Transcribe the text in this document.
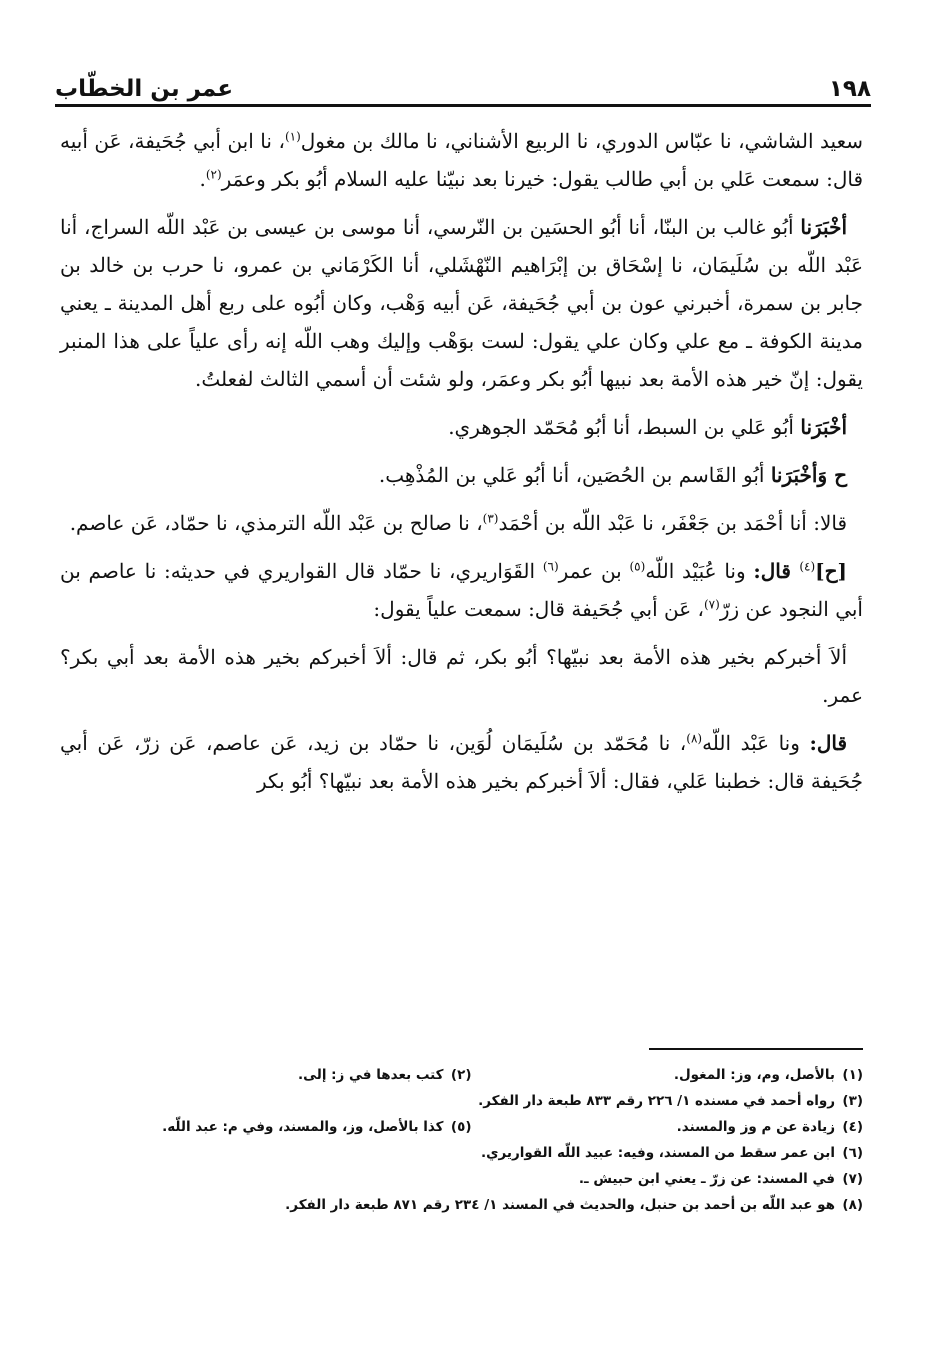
١٩٨
عمر بن الخطّاب

سعيد الشاشي، نا عبّاس الدوري، نا الربيع الأشناني، نا مالك بن مغول$^{(١)}$، نا ابن أبي جُحَيفة، عَن أبيه قال: سمعت عَلي بن أبي طالب يقول: خيرنا بعد نبيّنا عليه السلام أبُو بكر وعمَر$^{(٢)}$.

أخْبَرَنا أبُو غالب بن البنّا، أنا أبُو الحسَين بن النّرسي، أنا موسى بن عيسى بن عَبْد اللّه السراج، أنا عَبْد اللّه بن سُلَيمَان، نا إسْحَاق بن إبْرَاهيم النّهْشَلي، أنا الكَرْمَاني بن عمرو، نا حرب بن خالد بن جابر بن سمرة، أخبرني عون بن أبي جُحَيفة، عَن أبيه وَهْب، وكان أبُوه على ربع أهل المدينة ـ يعني مدينة الكوفة ـ مع علي وكان علي يقول: لست بوَهْب وإليك وهب اللّه إنه رأى علياً على هذا المنبر يقول: إنّ خير هذه الأمة بعد نبيها أبُو بكر وعمَر، ولو شئت أن أسمي الثالث لفعلتُ.

أخْبَرَنا أبُو عَلي بن السبط، أنا أبُو مُحَمّد الجوهري.

ح وَأخْبَرَنا أبُو القَاسم بن الحُصَين، أنا أبُو عَلي بن المُذْهِب.

قالا: أنا أحْمَد بن جَعْفَر، نا عَبْد اللّه بن أحْمَد$^{(٣)}$، نا صالح بن عَبْد اللّه الترمذي، نا حمّاد، عَن عاصم.

[ح]$^{(٤)}$ قال: ونا عُبَيْد اللّه$^{(٥)}$ بن عمر$^{(٦)}$ القَوَاريري، نا حمّاد قال القواريري في حديثه: نا عاصم بن أبي النجود عن زرّ$^{(٧)}$، عَن أبي جُحَيفة قال: سمعت علياً يقول:

ألاَ أخبركم بخير هذه الأمة بعد نبيّها؟ أبُو بكر، ثم قال: ألاَ أخبركم بخير هذه الأمة بعد أبي بكر؟ عمر.

قال: ونا عَبْد اللّه$^{(٨)}$، نا مُحَمّد بن سُلَيمَان لُوَين، نا حمّاد بن زيد، عَن عاصم، عَن زرّ، عَن أبي جُحَيفة قال: خطبنا عَلي، فقال: ألاَ أخبركم بخير هذه الأمة بعد نبيّها؟ أبُو بكر

(١)
بالأصل، وم، وز: المغول.
(٢)
كتب بعدها في ز: إلى.
(٣)
رواه أحمد في مسنده ١/ ٢٢٦ رقم ٨٣٣ طبعة دار الفكر.
(٤)
زيادة عن م وز والمسند.
(٥)
كذا بالأصل، وز، والمسند، وفي م: عبد اللّه.
(٦)
ابن عمر سقط من المسند، وفيه: عبيد اللّه القواريري.
(٧)
في المسند: عن زرّ ـ يعني ابن حبيش ـ.
(٨)
هو عبد اللّه بن أحمد بن حنبل، والحديث في المسند ١/ ٢٣٤ رقم ٨٧١ طبعة دار الفكر.
